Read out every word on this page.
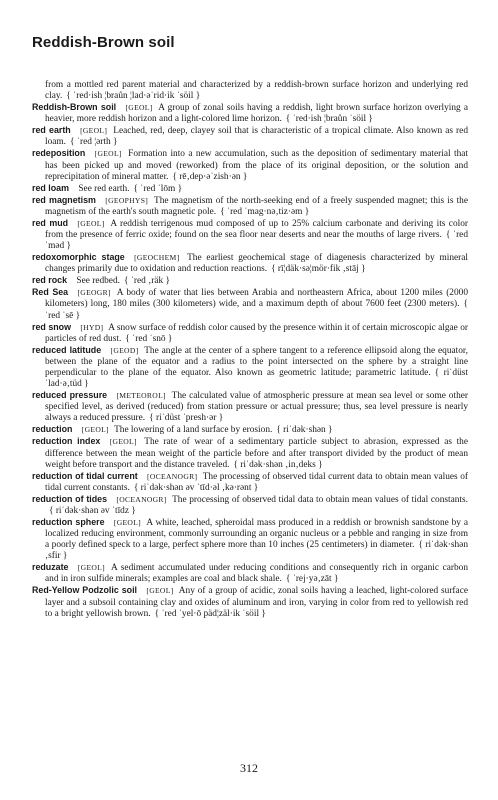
Reddish-Brown soil

from a mottled red parent material and characterized by a reddish-brown surface horizon and underlying red clay. { ˈred·ish ¦braůn ¦lad·əˈrid·ik ˈsöil }

Reddish-Brown soil  [GEOL] A group of zonal soils having a reddish, light brown surface horizon overlying a heavier, more reddish horizon and a light-colored lime horizon. { ˈred·ish ¦braůn ˈsöil }

red earth  [GEOL] Leached, red, deep, clayey soil that is characteristic of a tropical climate. Also known as red loam. { ˈred ¦ərth }

redeposition  [GEOL] Formation into a new accumulation, such as the deposition of sedimentary material that has been picked up and moved (reworked) from the place of its original deposition, or the solution and reprecipitation of mineral matter. { rē‚dep·əˈzish·ən }

red loam  See red earth. { ˈred ˈlōm }

red magnetism  [GEOPHYS] The magnetism of the north-seeking end of a freely suspended magnet; this is the magnetism of the earth's south magnetic pole. { ˈred ˈmag·nə‚tiz·əm }

red mud  [GEOL] A reddish terrigenous mud composed of up to 25% calcium carbonate and deriving its color from the presence of ferric oxide; found on the sea floor near deserts and near the mouths of large rivers. { ˈred ˈməd }

redoxomorphic stage  [GEOCHEM] The earliest geochemical stage of diagenesis characterized by mineral changes primarily due to oxidation and reduction reactions. { rī¦däk·sə¦mör·fik ‚stāj }

red rock  See redbed. { ˈred ‚räk }

Red Sea  [GEOGR] A body of water that lies between Arabia and northeastern Africa, about 1200 miles (2000 kilometers) long, 180 miles (300 kilometers) wide, and a maximum depth of about 7600 feet (2300 meters). { ˈred ˈsē }

red snow  [HYD] A snow surface of reddish color caused by the presence within it of certain microscopic algae or particles of red dust. { ˈred ˈsnō }

reduced latitude  [GEOD] The angle at the center of a sphere tangent to a reference ellipsoid along the equator, between the plane of the equator and a radius to the point intersected on the sphere by a straight line perpendicular to the plane of the equator. Also known as geometric latitude; parametric latitude. { riˈdüst ˈlad·ə‚tüd }

reduced pressure  [METEOROL] The calculated value of atmospheric pressure at mean sea level or some other specified level, as derived (reduced) from station pressure or actual pressure; thus, sea level pressure is nearly always a reduced pressure. { riˈdüst ˈpresh·ər }

reduction  [GEOL] The lowering of a land surface by erosion. { riˈdək·shən }

reduction index  [GEOL] The rate of wear of a sedimentary particle subject to abrasion, expressed as the difference between the mean weight of the particle before and after transport divided by the product of mean weight before transport and the distance traveled. { riˈdək·shən ‚in‚deks }

reduction of tidal current  [OCEANOGR] The processing of observed tidal current data to obtain mean values of tidal current constants. { riˈdək·shən əv ˈtīd·əl ‚kə·rənt }

reduction of tides  [OCEANOGR] The processing of observed tidal data to obtain mean values of tidal constants.{ riˈdək·shən əv ˈtīdz }

reduction sphere  [GEOL] A white, leached, spheroidal mass produced in a reddish or brownish sandstone by a localized reducing environment, commonly surrounding an organic nucleus or a pebble and ranging in size from a poorly defined speck to a large, perfect sphere more than 10 inches (25 centimeters) in diameter. { riˈdək·shən ‚sfir }

reduzate  [GEOL] A sediment accumulated under reducing conditions and consequently rich in organic carbon and in iron sulfide minerals; examples are coal and black shale. { ˈrej·yə‚zāt }

Red-Yellow Podzolic soil  [GEOL] Any of a group of acidic, zonal soils having a leached, light-colored surface layer and a subsoil containing clay and oxides of aluminum and iron, varying in color from red to yellowish red to a bright yellowish brown. { ˈred ˈyel·ō päd¦zäl·ik ˈsöil }

312
